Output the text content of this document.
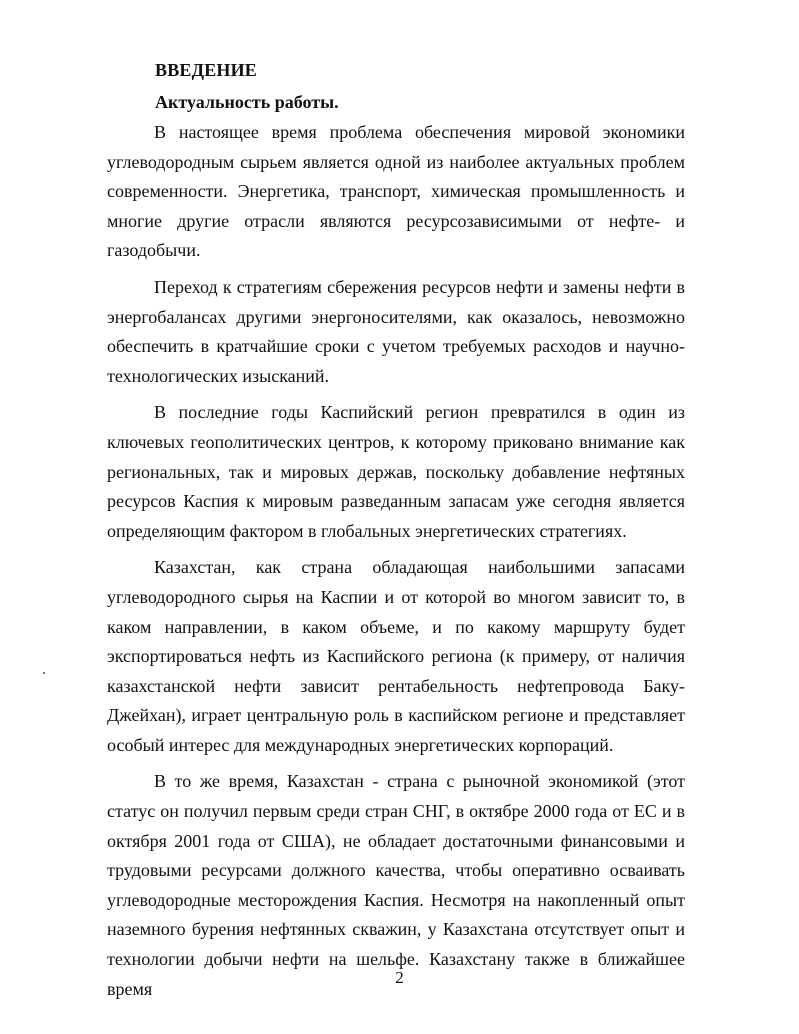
ВВЕДЕНИЕ
Актуальность работы.

В настоящее время проблема обеспечения мировой экономики углеводородным сырьем является одной из наиболее актуальных проблем современности. Энергетика, транспорт, химическая промышленность и многие другие отрасли являются ресурсозависимыми от нефте- и газодобычи.

Переход к стратегиям сбережения ресурсов нефти и замены нефти в энергобалансах другими энергоносителями, как оказалось, невозможно обеспечить в кратчайшие сроки с учетом требуемых расходов и научно-технологических изысканий.

В последние годы Каспийский регион превратился в один из ключевых геополитических центров, к которому приковано внимание как региональных, так и мировых держав, поскольку добавление нефтяных ресурсов Каспия к мировым разведанным запасам уже сегодня является определяющим фактором в глобальных энергетических стратегиях.

Казахстан, как страна обладающая наибольшими запасами углеводородного сырья на Каспии и от которой во многом зависит то, в каком направлении, в каком объеме, и по какому маршруту будет экспортироваться нефть из Каспийского региона (к примеру, от наличия казахстанской нефти зависит рентабельность нефтепровода Баку-Джейхан), играет центральную роль в каспийском регионе и представляет особый интерес для международных энергетических корпораций.

В то же время, Казахстан - страна с рыночной экономикой (этот статус он получил первым среди стран СНГ, в октябре 2000 года от ЕС и в октября 2001 года от США), не обладает достаточными финансовыми и трудовыми ресурсами должного качества, чтобы оперативно осваивать углеводородные месторождения Каспия. Несмотря на накопленный опыт наземного бурения нефтянных скважин, у Казахстана отсутствует опыт и технологии добычи нефти на шельфе. Казахстану также в ближайшее время

2
